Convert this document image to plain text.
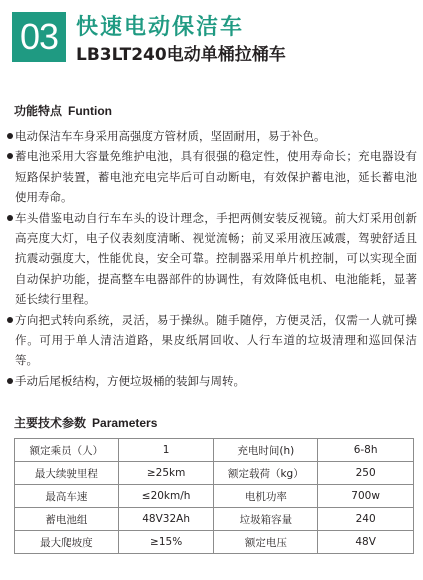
03 快速电动保洁车
LB3LT240电动单桶拉桶车
功能特点 Funtion
电动保洁车车身采用高强度方管材质，坚固耐用，易于补色。
蓄电池采用大容量免维护电池，具有很强的稳定性，使用寿命长；充电器设有短路保护装置，蓄电池充电完毕后可自动断电，有效保护蓄电池，延长蓄电池使用寿命。
车头借鉴电动自行车车头的设计理念，手把两侧安装反视镜。前大灯采用创新高亮度大灯，电子仪表刻度清晰、视觉流畅；前叉采用液压减震，驾驶舒适且抗震动强度大，性能优良，安全可靠。控制器采用单片机控制，可以实现全面自动保护功能，提高整车电器部件的协调性，有效降低电机、电池能耗，显著延长续行里程。
方向把式转向系统，灵活，易于操纵。随手随停，方便灵活，仅需一人就可操作。可用于单人清洁道路，果皮纸屑回收、人行车道的垃圾清理和巡回保洁等。
手动后尾板结构，方便垃圾桶的装卸与周转。
主要技术参数 Parameters
额定乘员（人）	1	充电时间(h)	6-8h
最大续驶里程	≥25km	额定载荷（kg）	250
最高车速	≤20km/h	电机功率	700w
蓄电池组	48V32Ah	垃圾箱容量	240
最大爬坡度	≥15%	额定电压	48V
